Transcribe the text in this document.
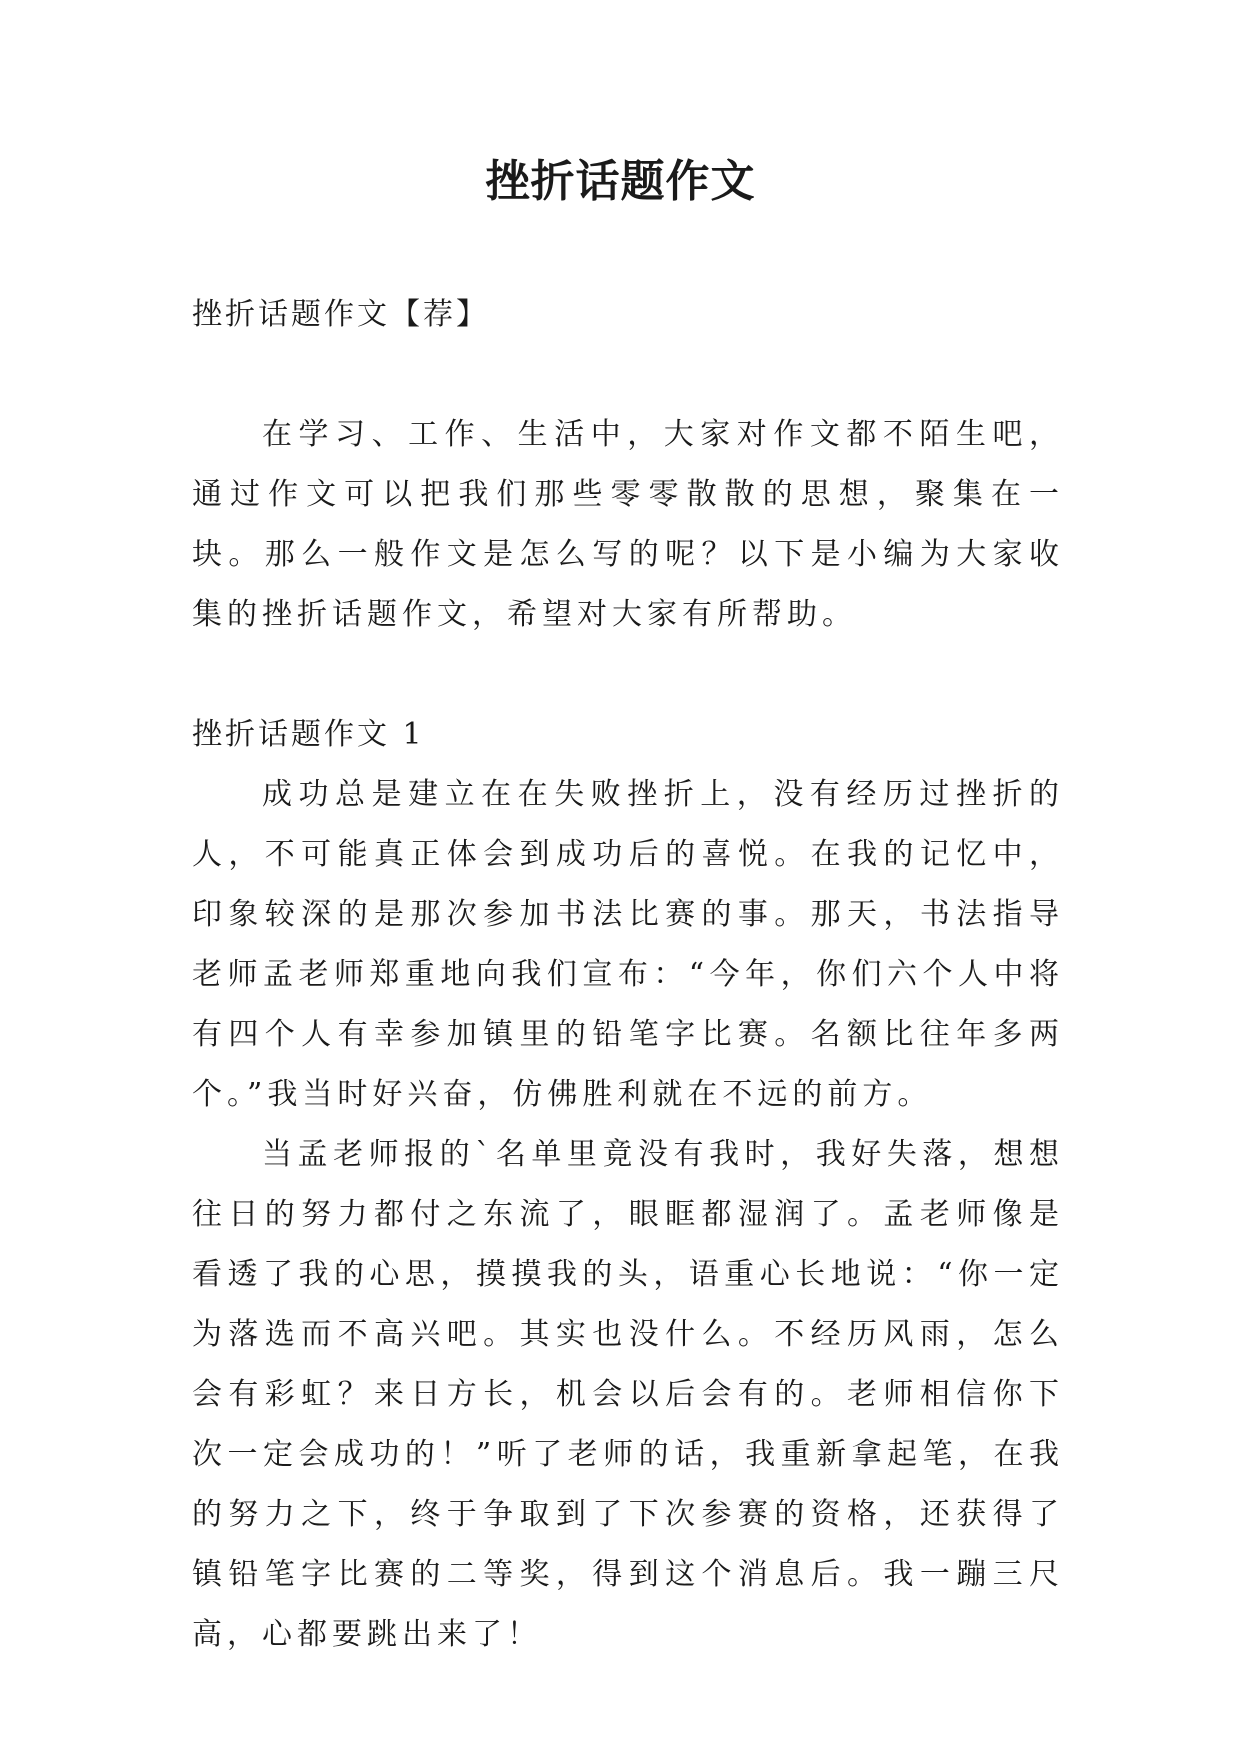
挫折话题作文

挫折话题作文【荐】

在学习、工作、生活中，大家对作文都不陌生吧，通过作文可以把我们那些零零散散的思想，聚集在一块。那么一般作文是怎么写的呢？以下是小编为大家收集的挫折话题作文，希望对大家有所帮助。

挫折话题作文 1

成功总是建立在在失败挫折上，没有经历过挫折的人，不可能真正体会到成功后的喜悦。在我的记忆中，印象较深的是那次参加书法比赛的事。那天，书法指导老师孟老师郑重地向我们宣布：“今年，你们六个人中将有四个人有幸参加镇里的铅笔字比赛。名额比往年多两个。”我当时好兴奋，仿佛胜利就在不远的前方。

当孟老师报的`名单里竟没有我时，我好失落，想想往日的努力都付之东流了，眼眶都湿润了。孟老师像是看透了我的心思，摸摸我的头，语重心长地说：“你一定为落选而不高兴吧。其实也没什么。不经历风雨，怎么会有彩虹？来日方长，机会以后会有的。老师相信你下次一定会成功的！”听了老师的话，我重新拿起笔，在我的努力之下，终于争取到了下次参赛的资格，还获得了镇铅笔字比赛的二等奖，得到这个消息后。我一蹦三尺高，心都要跳出来了！
